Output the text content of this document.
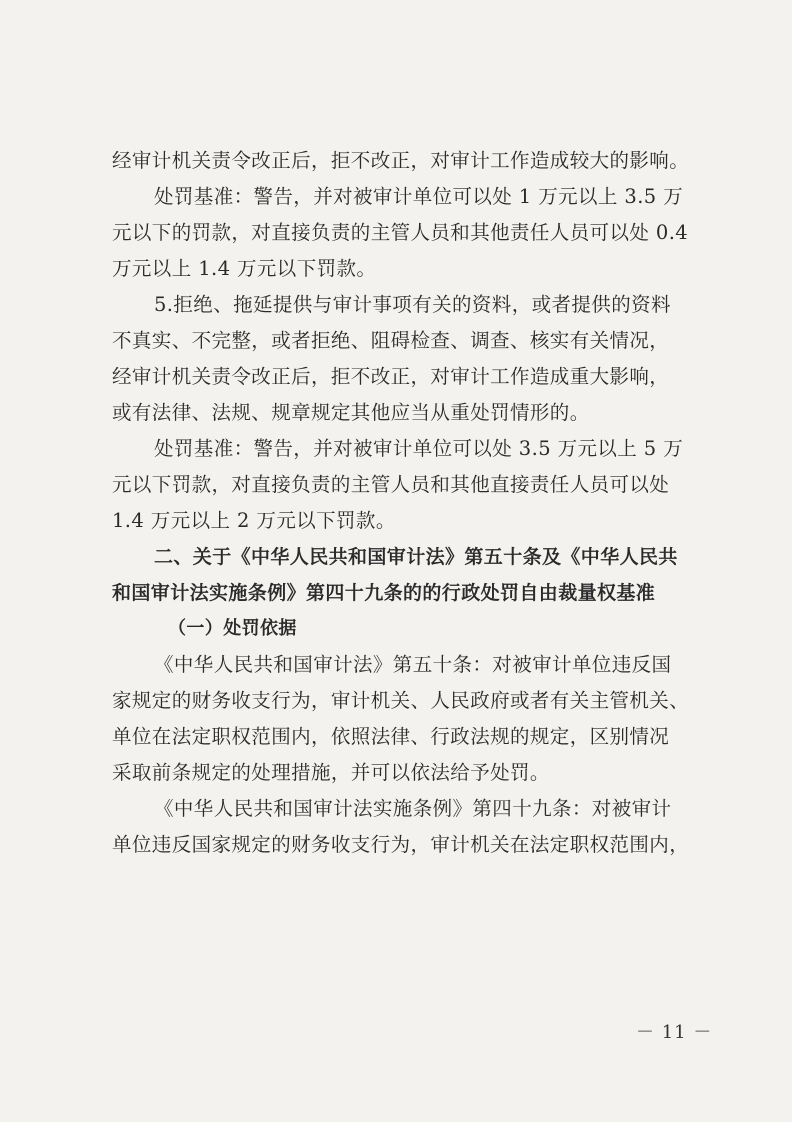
经审计机关责令改正后，拒不改正，对审计工作造成较大的影响。
处罚基准：警告，并对被审计单位可以处 1 万元以上 3.5 万
元以下的罚款，对直接负责的主管人员和其他责任人员可以处 0.4
万元以上 1.4 万元以下罚款。
5.拒绝、拖延提供与审计事项有关的资料，或者提供的资料
不真实、不完整，或者拒绝、阻碍检查、调查、核实有关情况，
经审计机关责令改正后，拒不改正，对审计工作造成重大影响，
或有法律、法规、规章规定其他应当从重处罚情形的。
处罚基准：警告，并对被审计单位可以处 3.5 万元以上 5 万
元以下罚款，对直接负责的主管人员和其他直接责任人员可以处
1.4 万元以上 2 万元以下罚款。
二、关于《中华人民共和国审计法》第五十条及《中华人民共
和国审计法实施条例》第四十九条的的行政处罚自由裁量权基准
（一）处罚依据
《中华人民共和国审计法》第五十条：对被审计单位违反国
家规定的财务收支行为，审计机关、人民政府或者有关主管机关、
单位在法定职权范围内，依照法律、行政法规的规定，区别情况
采取前条规定的处理措施，并可以依法给予处罚。
《中华人民共和国审计法实施条例》第四十九条：对被审计
单位违反国家规定的财务收支行为，审计机关在法定职权范围内，
－ 11 －
